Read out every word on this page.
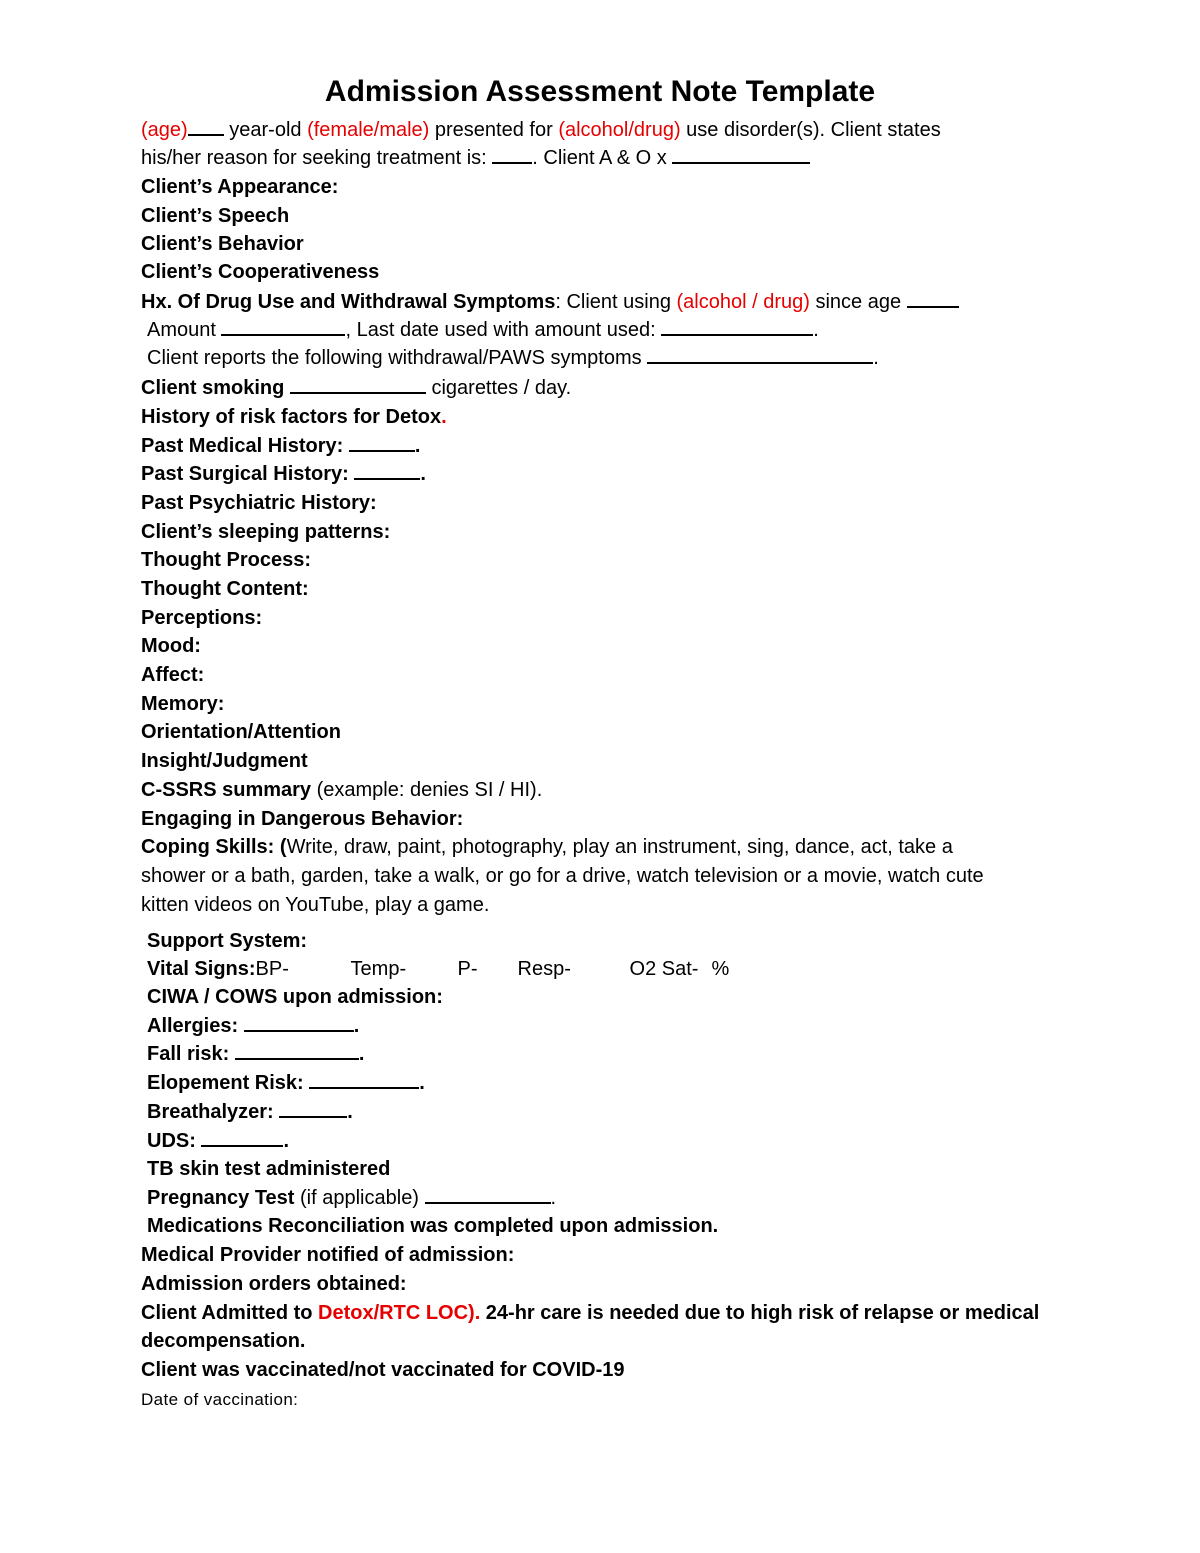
Admission Assessment Note Template
(age) year-old (female/male) presented for (alcohol/drug) use disorder(s). Client states
his/her reason for seeking treatment is: . Client A & O x
Client’s Appearance:
Client’s Speech
Client’s Behavior
Client’s Cooperativeness
Hx. Of Drug Use and Withdrawal Symptoms: Client using (alcohol / drug) since age
Amount	, Last date used with amount used:	.
Client reports the following withdrawal/PAWS symptoms	.
Client smoking	cigarettes / day.
History of risk factors for Detox.
Past Medical History:	.
Past Surgical History:	.
Past Psychiatric History:
Client’s sleeping patterns:
Thought Process:
Thought Content:
Perceptions:
Mood:
Affect:
Memory:
Orientation/Attention
Insight/Judgment
C-SSRS summary (example: denies SI / HI).
Engaging in Dangerous Behavior:
Coping Skills: (Write, draw, paint, photography, play an instrument, sing, dance, act, take a
shower or a bath, garden, take a walk, or go for a drive, watch television or a movie, watch cute
kitten videos on YouTube, play a game.
Support System:
Vital Signs:BP-	Temp-	P- Resp-	O2 Sat- %
CIWA / COWS upon admission:
Allergies:	.
Fall risk:	.
Elopement Risk:	.
Breathalyzer:	.
UDS:	.
TB skin test administered
Pregnancy Test (if applicable)	.
Medications Reconciliation was completed upon admission.
Medical Provider notified of admission:
Admission orders obtained:
Client Admitted to Detox/RTC LOC). 24-hr care is needed due to high risk of relapse or medical
decompensation.
Client was vaccinated/not vaccinated for COVID-19
Date of vaccination:
